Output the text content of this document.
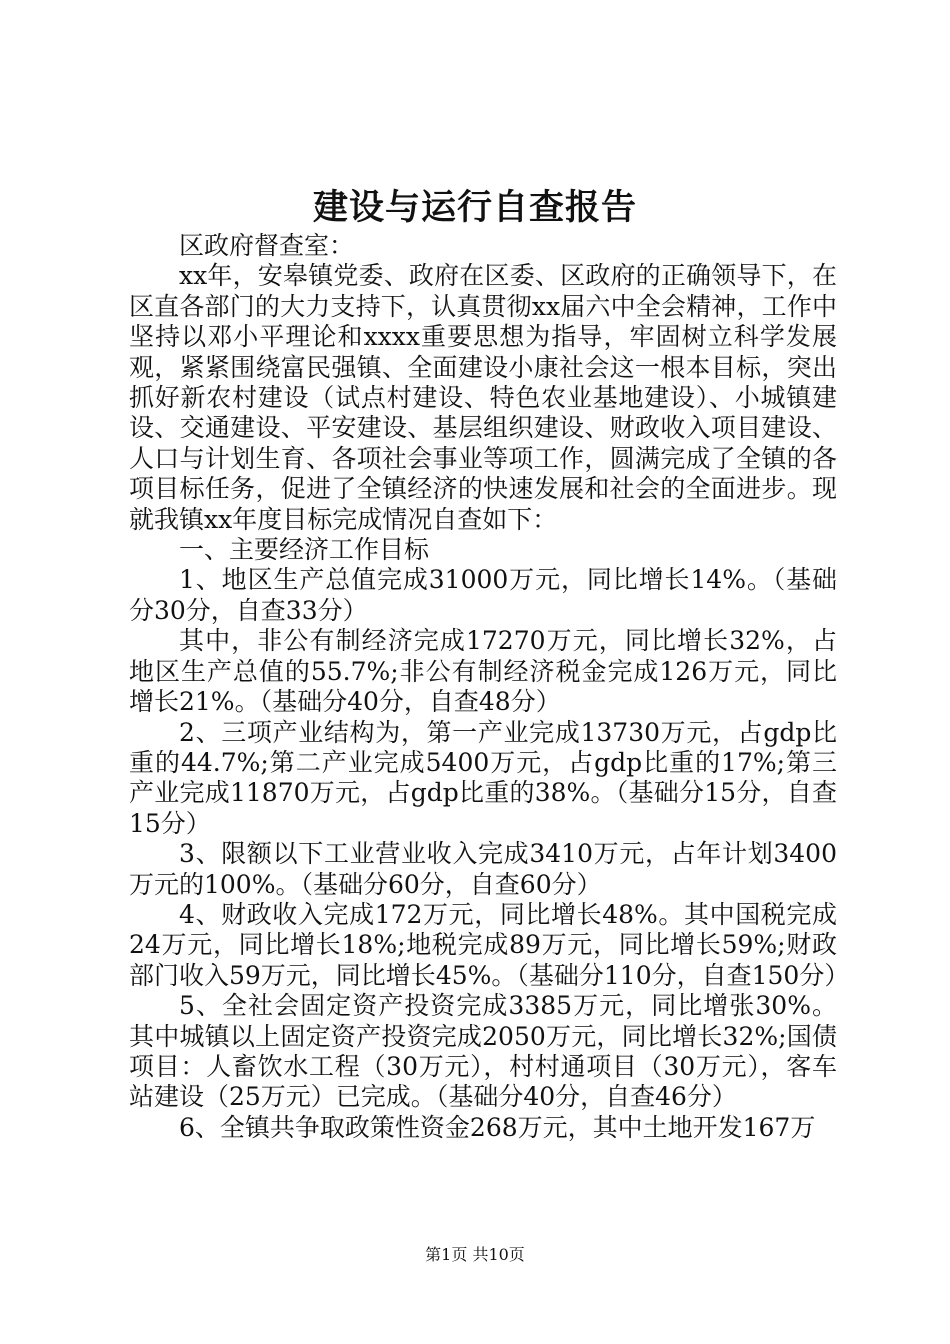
建设与运行自查报告

区政府督查室：

xx年，安皋镇党委、政府在区委、区政府的正确领导下，在区直各部门的大力支持下，认真贯彻xx届六中全会精神，工作中坚持以邓小平理论和xxxx重要思想为指导，牢固树立科学发展观，紧紧围绕富民强镇、全面建设小康社会这一根本目标，突出抓好新农村建设（试点村建设、特色农业基地建设）、小城镇建设、交通建设、平安建设、基层组织建设、财政收入项目建设、人口与计划生育、各项社会事业等项工作，圆满完成了全镇的各项目标任务，促进了全镇经济的快速发展和社会的全面进步。现就我镇xx年度目标完成情况自查如下：

一、主要经济工作目标

1、地区生产总值完成31000万元，同比增长14%。（基础分30分，自查33分）

其中，非公有制经济完成17270万元，同比增长32%，占地区生产总值的55.7%;非公有制经济税金完成126万元，同比增长21%。（基础分40分，自查48分）

2、三项产业结构为，第一产业完成13730万元，占gdp比重的44.7%;第二产业完成5400万元，占gdp比重的17%;第三产业完成11870万元，占gdp比重的38%。（基础分15分，自查15分）

3、限额以下工业营业收入完成3410万元，占年计划3400万元的100%。（基础分60分，自查60分）

4、财政收入完成172万元，同比增长48%。其中国税完成24万元，同比增长18%;地税完成89万元，同比增长59%;财政部门收入59万元，同比增长45%。（基础分110分，自查150分）

5、全社会固定资产投资完成3385万元，同比增张30%。其中城镇以上固定资产投资完成2050万元，同比增长32%;国债项目：人畜饮水工程（30万元），村村通项目（30万元），客车站建设（25万元）已完成。（基础分40分，自查46分）

6、全镇共争取政策性资金268万元，其中土地开发167万

第1页 共10页
